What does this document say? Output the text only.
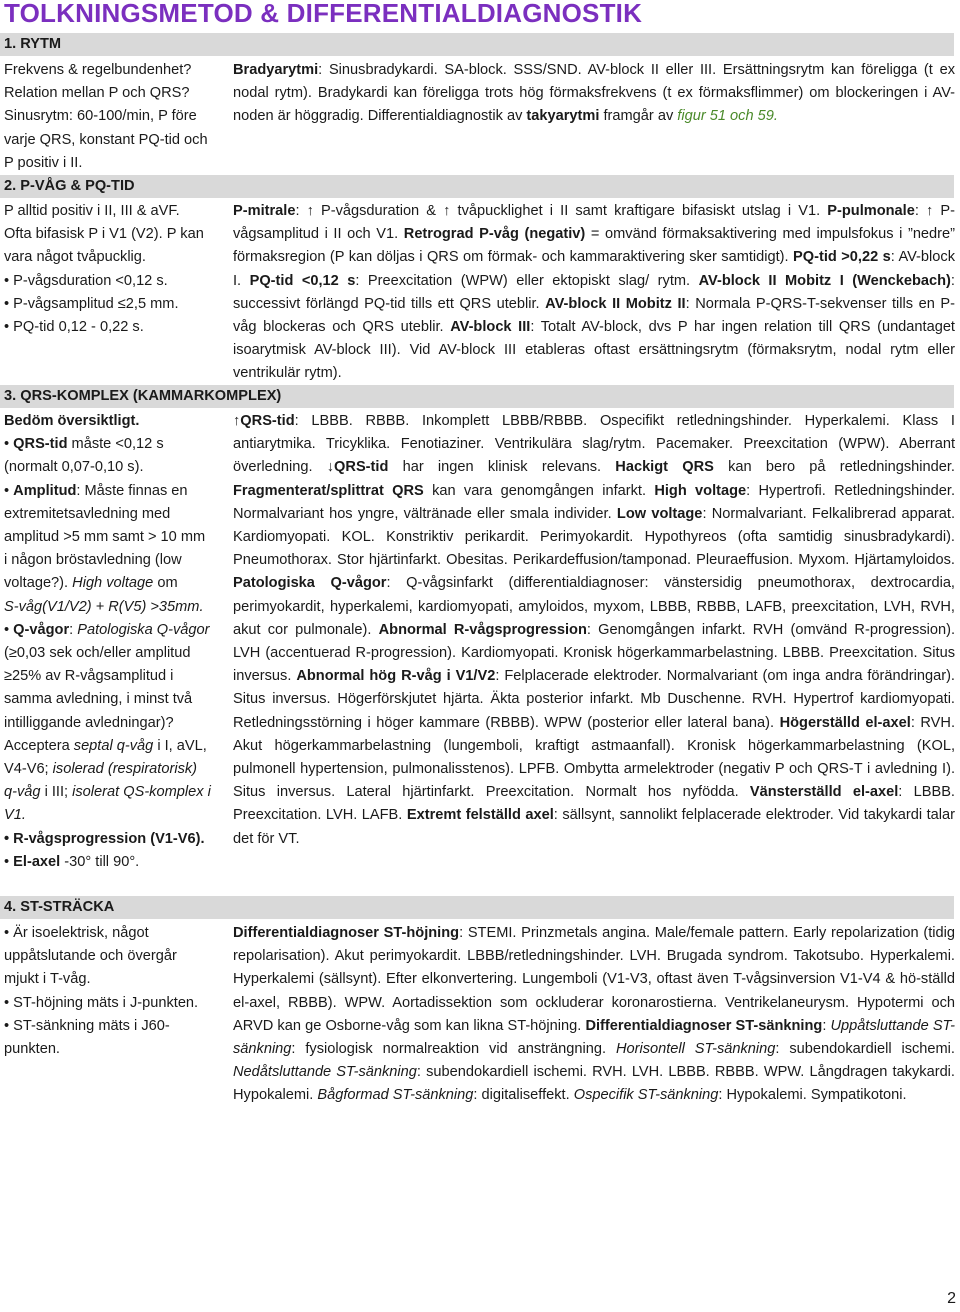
TOLKNINGSMETOD & DIFFERENTIALDIAGNOSTIK
1. RYTM
Frekvens & regelbundenhet?
Relation mellan P och QRS?
Sinusrytm: 60-100/min, P före
varje QRS, konstant PQ-tid och
P positiv i II.
Bradyarytmi: Sinusbradykardi. SA-block. SSS/SND. AV-block II eller III. Ersättningsrytm kan föreligga (t ex nodal rytm). Bradykardi kan föreligga trots hög förmaksfrekvens (t ex förmaksflimmer) om blockeringen i AV-noden är höggradig. Differentialdiagnostik av takyarytmi framgår av figur 51 och 59.
2. P-VÅG & PQ-TID
P alltid positiv i II, III & aVF.
Ofta bifasisk P i V1 (V2). P kan
vara något tvåpucklig.
• P-vågsduration <0,12 s.
• P-vågsamplitud ≤2,5 mm.
• PQ-tid 0,12 - 0,22 s.
P-mitrale: ↑ P-vågsduration & ↑ tvåpucklighet i II samt kraftigare bifasiskt utslag i V1. P-pulmonale: ↑ P-vågsamplitud i II och V1. Retrograd P-våg (negativ) = omvänd förmaksaktivering med impulsfokus i ”nedre” förmaksregion (P kan döljas i QRS om förmak- och kammaraktivering sker samtidigt). PQ-tid >0,22 s: AV-block I. PQ-tid <0,12 s: Preexcitation (WPW) eller ektopiskt slag/ rytm. AV-block II Mobitz I (Wenckebach): successivt förlängd PQ-tid tills ett QRS uteblir. AV-block II Mobitz II: Normala P-QRS-T-sekvenser tills en P-våg blockeras och QRS uteblir. AV-block III: Totalt AV-block, dvs P har ingen relation till QRS (undantaget isoarytmisk AV-block III). Vid AV-block III etableras oftast ersättningsrytm (förmaksrytm, nodal rytm eller ventrikulär rytm).
3. QRS-KOMPLEX (KAMMARKOMPLEX)
Bedöm översiktligt.
• QRS-tid måste <0,12 s
(normalt 0,07-0,10 s).
• Amplitud: Måste finnas en
extremitetsavledning med
amplitud >5 mm samt > 10 mm
i någon bröstavledning (low
voltage?). High voltage om
S-våg(V1/V2) + R(V5) >35mm.
• Q-vågor: Patologiska Q-vågor
(≥0,03 sek och/eller amplitud
≥25% av R-vågsamplitud i
samma avledning, i minst två
intilliggande avledningar)?
Acceptera septal q-våg i I, aVL,
V4-V6; isolerad (respiratorisk)
q-våg i III; isolerat QS-komplex i
V1.
• R-vågsprogression (V1-V6).
• El-axel -30° till 90°.
↑QRS-tid: LBBB. RBBB. Inkomplett LBBB/RBBB. Ospecifikt retledningshinder. Hyperkalemi. Klass I antiarytmika. Tricyklika. Fenotiaziner. Ventrikulära slag/rytm. Pacemaker. Preexcitation (WPW). Aberrant överledning. ↓QRS-tid har ingen klinisk relevans. Hackigt QRS kan bero på retledningshinder. Fragmenterat/splittrat QRS kan vara genomgången infarkt. High voltage: Hypertrofi. Retledningshinder. Normalvariant hos yngre, vältränade eller smala individer. Low voltage: Normalvariant. Felkalibrerad apparat. Kardiomyopati. KOL. Konstriktiv perikardit. Perimyokardit. Hypothyreos (ofta samtidig sinusbradykardi). Pneumothorax. Stor hjärtinfarkt. Obesitas. Perikardeffusion/tamponad. Pleuraeffusion. Myxom. Hjärtamyloidos. Patologiska Q-vågor: Q-vågsinfarkt (differentialdiagnoser: vänstersidig pneumothorax, dextrocardia, perimyokardit, hyperkalemi, kardiomyopati, amyloidos, myxom, LBBB, RBBB, LAFB, preexcitation, LVH, RVH, akut cor pulmonale). Abnormal R-vågsprogression: Genomgången infarkt. RVH (omvänd R-progression). LVH (accentuerad R-progression). Kardiomyopati. Kronisk högerkammarbelastning. LBBB. Preexcitation. Situs inversus. Abnormal hög R-våg i V1/V2: Felplacerade elektroder. Normalvariant (om inga andra förändringar). Situs inversus. Högerförskjutet hjärta. Äkta posterior infarkt. Mb Duschenne. RVH. Hypertrof kardiomyopati. Retledningsstörning i höger kammare (RBBB). WPW (posterior eller lateral bana). Högerställd el-axel: RVH. Akut högerkammarbelastning (lungemboli, kraftigt astmaanfall). Kronisk högerkammarbelastning (KOL, pulmonell hypertension, pulmonalisstenos). LPFB. Ombytta armelektroder (negativ P och QRS-T i avledning I). Situs inversus. Lateral hjärtinfarkt. Preexcitation. Normalt hos nyfödda. Vänsterställd el-axel: LBBB. Preexcitation. LVH. LAFB. Extremt felställd axel: sällsynt, sannolikt felplacerade elektroder. Vid takykardi talar det för VT.
4. ST-STRÄCKA
• Är isoelektrisk, något
uppåtslutande och övergår
mjukt i T-våg.
• ST-höjning mäts i J-punkten.
• ST-sänkning mäts i J60-
punkten.
Differentialdiagnoser ST-höjning: STEMI. Prinzmetals angina. Male/female pattern. Early repolarization (tidig repolarisation). Akut perimyokardit. LBBB/retledningshinder. LVH. Brugada syndrom. Takotsubo. Hyperkalemi. Hyperkalemi (sällsynt). Efter elkonvertering. Lungemboli (V1-V3, oftast även T-vågsinversion V1-V4 & hö-ställd el-axel, RBBB). WPW. Aortadissektion som ockluderar koronarostierna. Ventrikelaneurysm. Hypotermi och ARVD kan ge Osborne-våg som kan likna ST-höjning. Differentialdiagnoser ST-sänkning: Uppåtsluttande ST-sänkning: fysiologisk normalreaktion vid ansträngning. Horisontell ST-sänkning: subendokardiell ischemi. Nedåtsluttande ST-sänkning: subendokardiell ischemi. RVH. LVH. LBBB. RBBB. WPW. Långdragen takykardi. Hypokalemi. Bågformad ST-sänkning: digitaliseffekt. Ospecifik ST-sänkning: Hypokalemi. Sympatikotoni.
2
